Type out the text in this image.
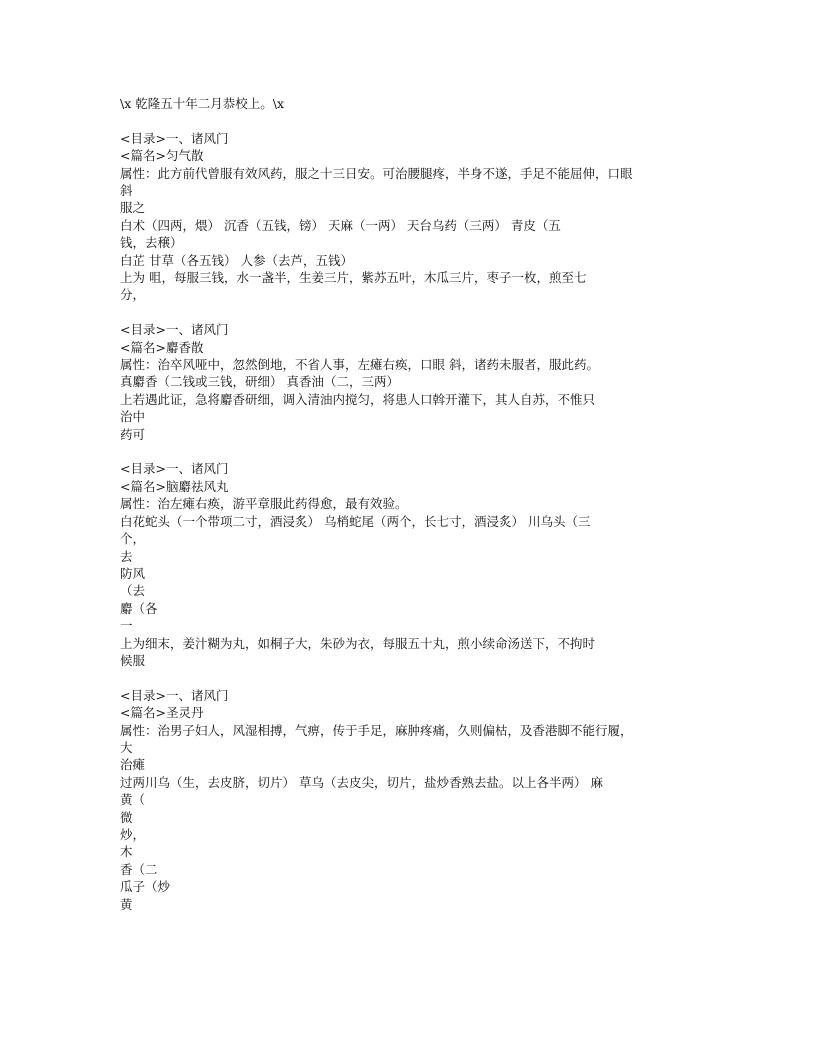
\x 乾隆五十年二月恭校上。\x
<目录>一、诸风门
<篇名>匀气散
属性：此方前代曾服有效风药，服之十三日安。可治腰腿疼，半身不遂，手足不能屈伸，口眼
斜
服之
白术（四两，煨） 沉香（五钱，镑） 天麻（一两） 天台乌药（三两） 青皮（五
钱，去穣）
白芷 甘草（各五钱） 人参（去芦，五钱）
上为 咀，每服三钱，水一盏半，生姜三片，紫苏五叶，木瓜三片，枣子一枚，煎至七
分，
<目录>一、诸风门
<篇名>麝香散
属性：治卒风哑中，忽然倒地，不省人事，左瘫右痪，口眼 斜，诸药未服者，服此药。
真麝香（二钱或三钱，研细） 真香油（二，三两）
上若遇此证，急将麝香研细，调入清油内搅匀，将患人口斡开灌下，其人自苏，不惟只
治中
药可
<目录>一、诸风门
<篇名>脑麝祛风丸
属性：治左瘫右痪，游平章服此药得愈，最有效验。
白花蛇头（一个带项二寸，酒浸炙） 乌梢蛇尾（两个，长七寸，酒浸炙） 川乌头（三
个，
去
防风
（去
麝（各
一
上为细末，姜汁糊为丸，如桐子大，朱砂为衣，每服五十丸，煎小续命汤送下，不拘时
候服
<目录>一、诸风门
<篇名>圣灵丹
属性：治男子妇人，风湿相搏，气痹，传于手足，麻肿疼痛，久则偏枯，及香港脚不能行履，
大
治瘫
过两川乌（生，去皮脐，切片） 草乌（去皮尖，切片，盐炒香熟去盐。以上各半两） 麻
黄（
微
炒，
木
香（二
瓜子（炒
黄
